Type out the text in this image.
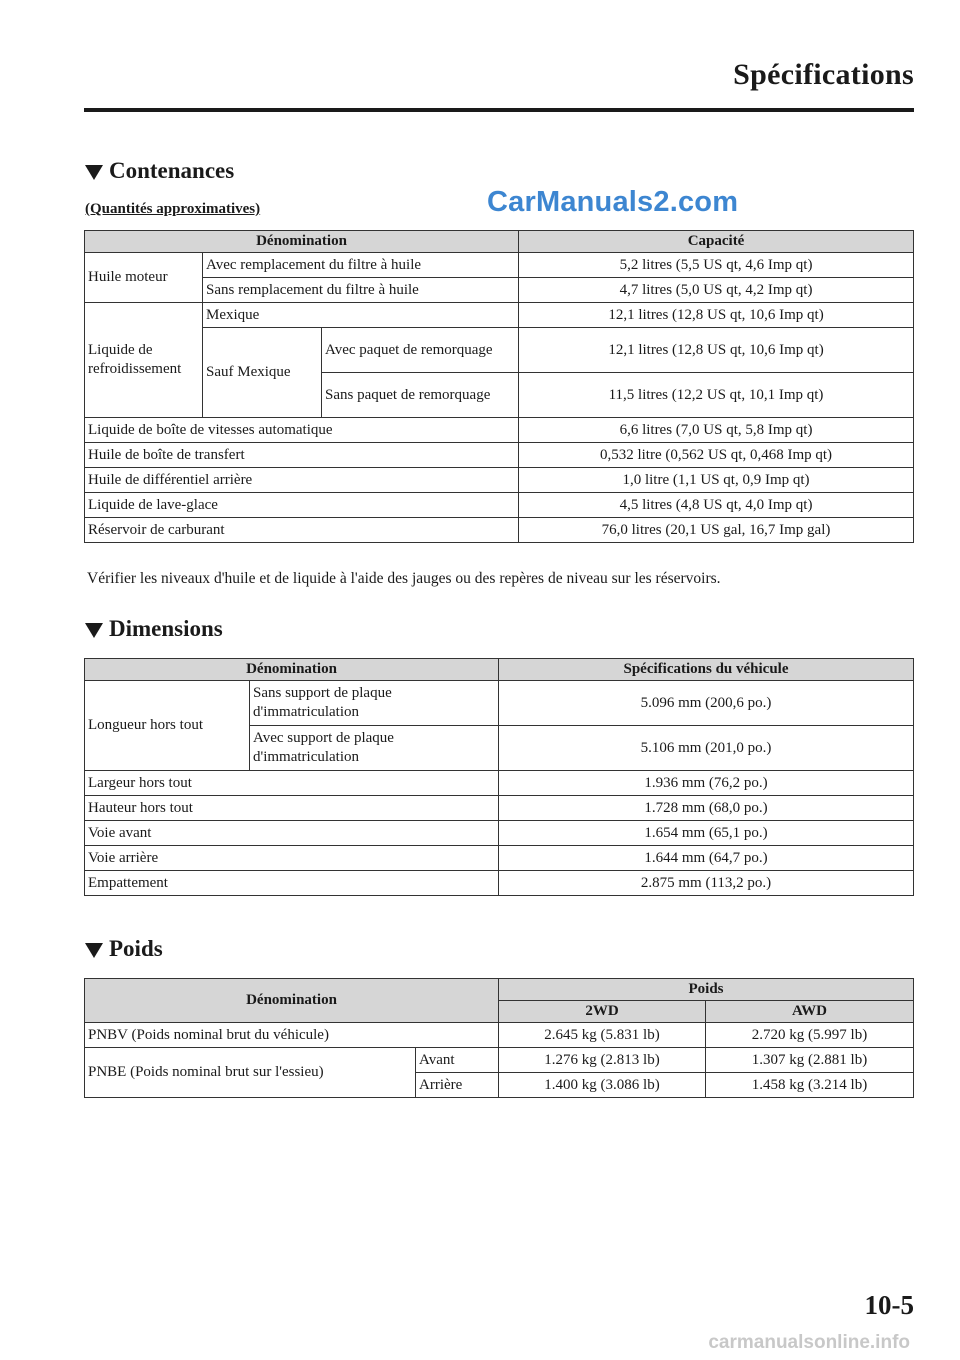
Spécifications
Contenances
(Quantités approximatives)	CarManuals2.com
Dénomination			Capacité
Huile moteur	Avec remplacement du filtre à huile		5,2 litres (5,5 US qt, 4,6 Imp qt)
	Sans remplacement du filtre à huile		4,7 litres (5,0 US qt, 4,2 Imp qt)
Liquide de refroidissement	Mexique		12,1 litres (12,8 US qt, 10,6 Imp qt)
	Sauf Mexique	Avec paquet de remorquage	12,1 litres (12,8 US qt, 10,6 Imp qt)
		Sans paquet de remorquage	11,5 litres (12,2 US qt, 10,1 Imp qt)
Liquide de boîte de vitesses automatique			6,6 litres (7,0 US qt, 5,8 Imp qt)
Huile de boîte de transfert			0,532 litre (0,562 US qt, 0,468 Imp qt)
Huile de différentiel arrière			1,0 litre (1,1 US qt, 0,9 Imp qt)
Liquide de lave-glace			4,5 litres (4,8 US qt, 4,0 Imp qt)
Réservoir de carburant			76,0 litres (20,1 US gal, 16,7 Imp gal)
Vérifier les niveaux d'huile et de liquide à l'aide des jauges ou des repères de niveau sur les réservoirs.
Dimensions
Dénomination		Spécifications du véhicule
Longueur hors tout	Sans support de plaque d'immatriculation	5.096 mm (200,6 po.)
	Avec support de plaque d'immatriculation	5.106 mm (201,0 po.)
Largeur hors tout		1.936 mm (76,2 po.)
Hauteur hors tout		1.728 mm (68,0 po.)
Voie avant		1.654 mm (65,1 po.)
Voie arrière		1.644 mm (64,7 po.)
Empattement		2.875 mm (113,2 po.)
Poids
Dénomination		Poids	
		2WD	AWD
PNBV (Poids nominal brut du véhicule)		2.645 kg (5.831 lb)	2.720 kg (5.997 lb)
PNBE (Poids nominal brut sur l'essieu)	Avant	1.276 kg (2.813 lb)	1.307 kg (2.881 lb)
	Arrière	1.400 kg (3.086 lb)	1.458 kg (3.214 lb)
10-5
carmanualsonline.info
